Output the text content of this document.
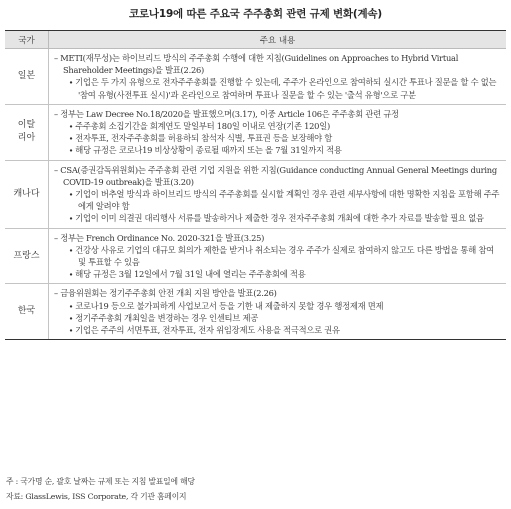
코로나19에 따른 주요국 주주총회 관련 규제 변화(계속)
국가	주요 내용
일본
– METI(재무성)는 하이브리드 방식의 주주총회 수행에 대한 지침(Guidelines on Approaches to Hybrid Virtual Shareholder Meetings)을 발표(2.26)
∙ 기업은 두 가지 유형으로 전자주주총회를 진행할 수 있는데, 주주가 온라인으로 참여하되 실시간 투표나 질문을 할 수 없는 '참여 유형(사전투표 실시)'과 온라인으로 참여하며 투표나 질문을 할 수 있는 '출석 유형'으로 구분
이탈
리아
– 정부는 Law Decree No.18/2020을 발표했으며(3.17), 이중 Article 106은 주주총회 관련 규정
∙ 주주총회 소집기간을 회계연도 말일부터 180일 이내로 연장(기존 120일)
∙ 전자투표, 전자주주총회를 허용하되 참석자 식별, 투표권 등을 보장해야 함
∙ 해당 규정은 코로나19 비상상황이 종료될 때까지 또는 올 7월 31일까지 적용
캐나다
– CSA(증권감독위원회)는 주주총회 관련 기업 지원을 위한 지침(Guidance conducting Annual General Meetings during COVID-19 outbreak)을 발표(3.20)
∙ 기업이 버추얼 방식과 하이브리드 방식의 주주총회를 실시할 계획인 경우 관련 세부사항에 대한 명확한 지침을 포함해 주주에게 알려야 함
∙ 기업이 이미 의결권 대리행사 서류를 발송하거나 제출한 경우 전자주주총회 개최에 대한 추가 자료를 발송할 필요 없음
프랑스
– 정부는 French Ordinance No. 2020-321을 발표(3.25)
∙ 건강상 사유로 기업의 대규모 회의가 제한을 받거나 취소되는 경우 주주가 실제로 참여하지 않고도 다른 방법을 통해 참여 및 투표할 수 있음
∙ 해당 규정은 3월 12일에서 7월 31일 내에 열리는 주주총회에 적용
한국
– 금융위원회는 정기주주총회 안전 개최 지원 방안을 발표(2.26)
∙ 코로나19 등으로 불가피하게 사업보고서 등을 기한 내 제출하지 못할 경우 행정제재 면제
∙ 정기주주총회 개최일을 변경하는 경우 인센티브 제공
∙ 기업은 주주의 서면투표, 전자투표, 전자 위임장제도 사용을 적극적으로 권유
주 : 국가명 순, 괄호 날짜는 규제 또는 지침 발표일에 해당
자료: GlassLewis, ISS Corporate, 각 기관 홈페이지
